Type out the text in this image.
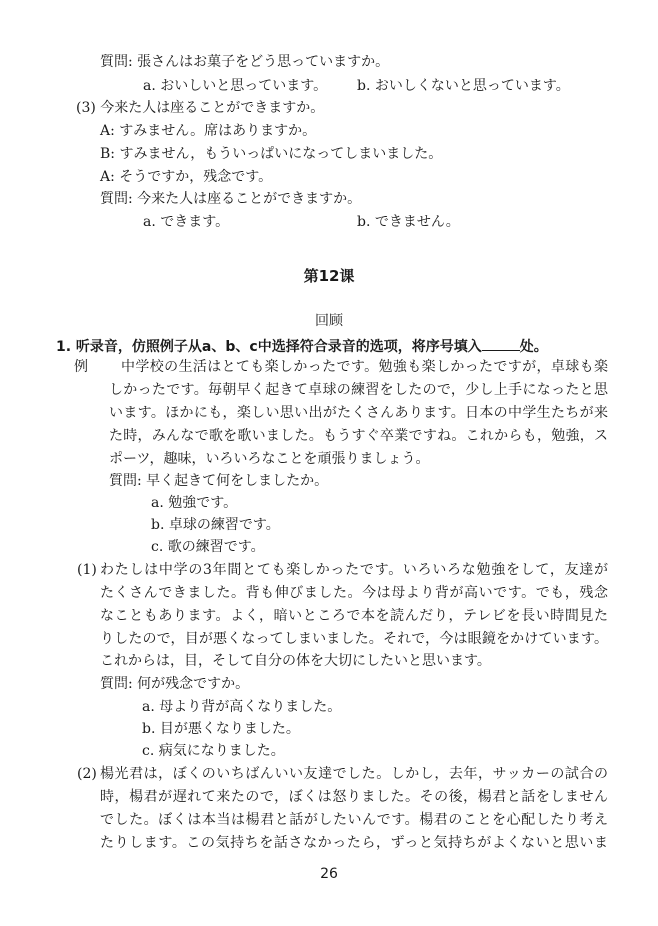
質問: 張さんはお菓子をどう思っていますか。
a. おいしいと思っています。 b. おいしくないと思っています。
(3) 今来た人は座ることができますか。
A: すみません。席はありますか。
B: すみません，もういっぱいになってしまいました。
A: そうですか，残念です。
質問: 今来た人は座ることができますか。
a. できます。	b. できません。
第12课
回顾
1. 听录音，仿照例子从a、b、c中选择符合录音的选项，将序号填入	处。
例 中学校の生活はとても楽しかったです。勉強も楽しかったですが，卓球も楽
しかったです。毎朝早く起きて卓球の練習をしたので，少し上手になったと思
います。ほかにも，楽しい思い出がたくさんあります。日本の中学生たちが来
た時，みんなで歌を歌いました。もうすぐ卒業ですね。これからも，勉強，ス
ポーツ，趣味，いろいろなことを頑張りましょう。
質問: 早く起きて何をしましたか。
a. 勉強です。
b. 卓球の練習です。
c. 歌の練習です。
(1) わたしは中学の3年間とても楽しかったです。いろいろな勉強をして，友達が
たくさんできました。背も伸びました。今は母より背が高いです。でも，残念
なこともあります。よく，暗いところで本を読んだり，テレビを長い時間見た
りしたので，目が悪くなってしまいました。それで，今は眼鏡をかけています。
これからは，目，そして自分の体を大切にしたいと思います。
質問: 何が残念ですか。
a. 母より背が高くなりました。
b. 目が悪くなりました。
c. 病気になりました。
(2) 楊光君は，ぼくのいちばんいい友達でした。しかし，去年，サッカーの試合の
時，楊君が遅れて来たので，ぼくは怒りました。その後，楊君と話をしません
でした。ぼくは本当は楊君と話がしたいんです。楊君のことを心配したり考え
たりします。この気持ちを話さなかったら，ずっと気持ちがよくないと思いま
26
